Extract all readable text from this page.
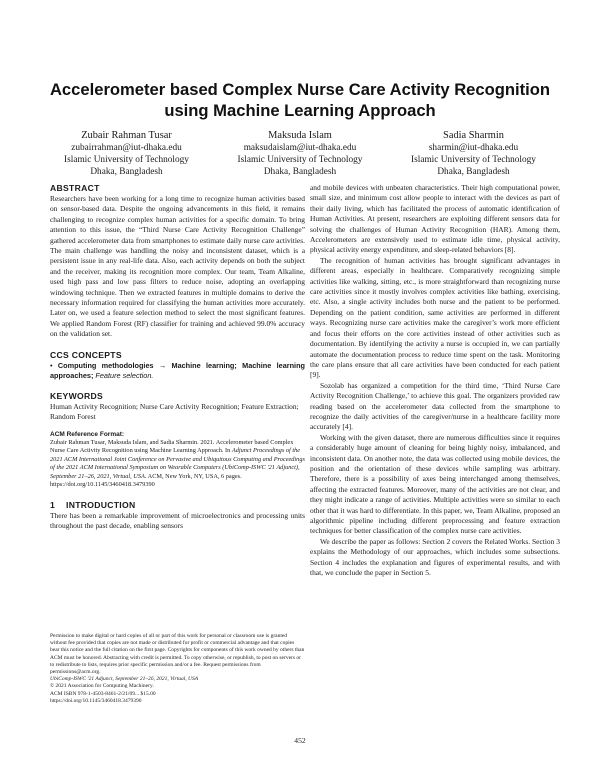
Accelerometer based Complex Nurse Care Activity Recognition using Machine Learning Approach
Zubair Rahman Tusar
zubairrahman@iut-dhaka.edu
Islamic University of Technology
Dhaka, Bangladesh
Maksuda Islam
maksudaislam@iut-dhaka.edu
Islamic University of Technology
Dhaka, Bangladesh
Sadia Sharmin
sharmin@iut-dhaka.edu
Islamic University of Technology
Dhaka, Bangladesh
ABSTRACT

Researchers have been working for a long time to recognize human activities based on sensor-based data. Despite the ongoing advancements in this field, it remains challenging to recognize complex human activities for a specific domain. To bring attention to this issue, the “Third Nurse Care Activity Recognition Challenge” gathered accelerometer data from smartphones to estimate daily nurse care activities. The main challenge was handling the noisy and inconsistent dataset, which is a persistent issue in any real-life data. Also, each activity depends on both the subject and the receiver, making its recognition more complex. Our team, Team Alkaline, used high pass and low pass filters to reduce noise, adopting an overlapping windowing technique. Then we extracted features in multiple domains to derive the necessary information required for classifying the human activities more accurately. Later on, we used a feature selection method to select the most significant features. We applied Random Forest (RF) classifier for training and achieved 99.0% accuracy on the validation set.

CCS CONCEPTS

• Computing methodologies → Machine learning; Machine learning approaches; Feature selection.

KEYWORDS

Human Activity Recognition; Nurse Care Activity Recognition; Feature Extraction; Random Forest

ACM Reference Format:

Zubair Rahman Tusar, Maksuda Islam, and Sadia Sharmin. 2021. Accelerometer based Complex Nurse Care Activity Recognition using Machine Learning Approach. In Adjunct Proceedings of the 2021 ACM International Joint Conference on Pervasive and Ubiquitous Computing and Proceedings of the 2021 ACM International Symposium on Wearable Computers (UbiComp-ISWC '21 Adjunct), September 21–26, 2021, Virtual, USA. ACM, New York, NY, USA, 6 pages. https://doi.org/10.1145/3460418.3479390

1	INTRODUCTION

There has been a remarkable improvement of microelectronics and processing units throughout the past decade, enabling sensors

and mobile devices with unbeaten characteristics. Their high computational power, small size, and minimum cost allow people to interact with the devices as part of their daily living, which has facilitated the process of automatic identification of Human Activities. At present, researchers are exploiting different sensors data for solving the challenges of Human Activity Recognition (HAR). Among them, Accelerometers are extensively used to estimate idle time, physical activity, physical activity energy expenditure, and sleep-related behaviors [8].

The recognition of human activities has brought significant advantages in different areas, especially in healthcare. Comparatively recognizing simple activities like walking, sitting, etc., is more straightforward than recognizing nurse care activities since it mostly involves complex activities like bathing, exercising, etc. Also, a single activity includes both nurse and the patient to be performed. Depending on the patient condition, same activities are performed in different ways. Recognizing nurse care activities make the caregiver’s work more efficient and focus their efforts on the core activities instead of other activities such as documentation. By identifying the activity a nurse is occupied in, we can partially automate the documentation process to reduce time spent on the task. Monitoring the care plans ensure that all care activities have been conducted for each patient [9].

Sozolab has organized a competition for the third time, ‘Third Nurse Care Activity Recognition Challenge,’ to achieve this goal. The organizers provided raw reading based on the accelerometer data collected from the smartphone to recognize the daily activities of the caregiver/nurse in a healthcare facility more accurately [4].

Working with the given dataset, there are numerous difficulties since it requires a considerably huge amount of cleaning for being highly noisy, imbalanced, and inconsistent data. On another note, the data was collected using mobile devices, the position and the orientation of these devices while sampling was arbitrary. Therefore, there is a possibility of axes being interchanged among themselves, affecting the extracted features. Moreover, many of the activities are not clear, and they might indicate a range of activities. Multiple activities were so similar to each other that it was hard to differentiate. In this paper, we, Team Alkaline, proposed an algorithmic pipeline including different preprocessing and feature extraction techniques for better classification of the complex nurse care activities.

We describe the paper as follows: Section 2 covers the Related Works. Section 3 explains the Methodology of our approaches, which includes some subsections. Section 4 includes the explanation and figures of experimental results, and with that, we conclude the paper in Section 5.

Permission to make digital or hard copies of all or part of this work for personal or classroom use is granted without fee provided that copies are not made or distributed for profit or commercial advantage and that copies bear this notice and the full citation on the first page. Copyrights for components of this work owned by others than ACM must be honored. Abstracting with credit is permitted. To copy otherwise, or republish, to post on servers or to redistribute to lists, requires prior specific permission and/or a fee. Request permissions from permissions@acm.org.

UbiComp-ISWC '21 Adjunct, September 21–26, 2021, Virtual, USA

© 2021 Association for Computing Machinery.

ACM ISBN 978-1-4503-8461-2/21/09... $15.00

https://doi.org/10.1145/3460418.3479390

452
